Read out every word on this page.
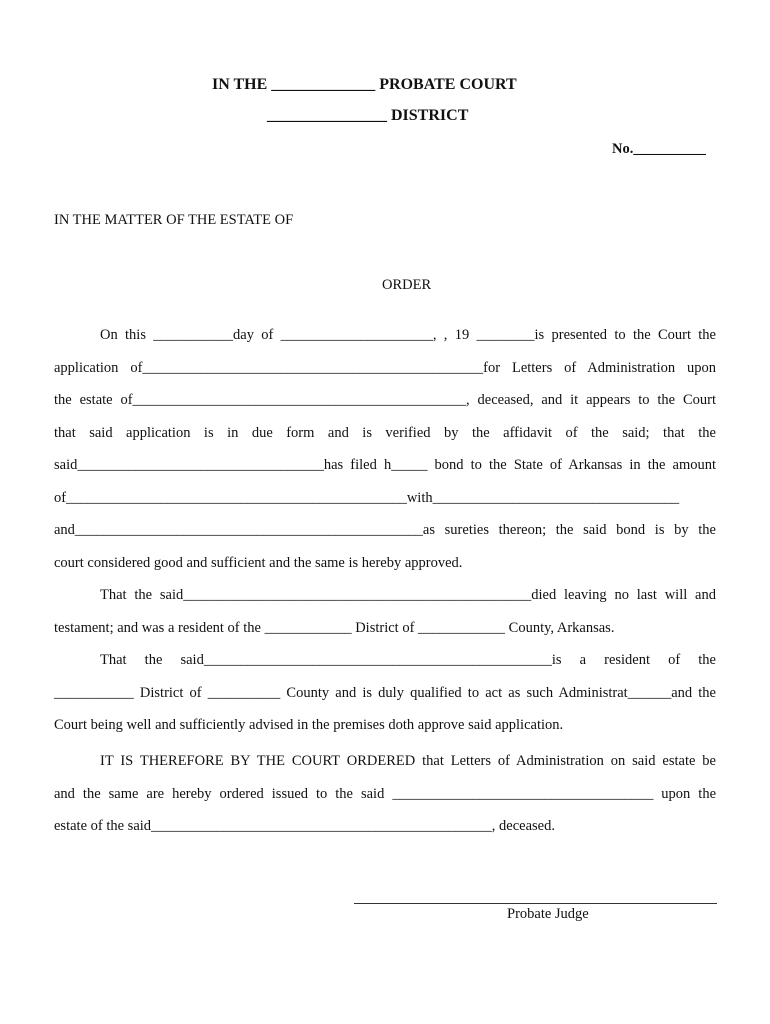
IN THE _____________ PROBATE COURT
_______________ DISTRICT
No.__________
IN THE MATTER OF THE ESTATE OF
ORDER
On this ___________day of _____________________, , 19 ________is presented to the Court the
application of_______________________________________________for Letters of Administration upon
the estate of______________________________________________, deceased, and it appears to the Court
that said application is in due form and is verified by the affidavit of the said; that the
said__________________________________has filed h_____ bond to the State of Arkansas in the amount
of_______________________________________________with__________________________________
and________________________________________________as sureties thereon; the said bond is by the
court considered good and sufficient and the same is hereby approved.
That the said________________________________________________died leaving no last will and
testament; and was a resident of the ____________ District of ____________ County, Arkansas.
That the said________________________________________________is a resident of the
___________ District of __________ County and is duly qualified to act as such Administrat______and the
Court being well and sufficiently advised in the premises doth approve said application.
IT IS THEREFORE BY THE COURT ORDERED that Letters of Administration on said estate be
and the same are hereby ordered issued to the said ____________________________________ upon the
estate of the said_______________________________________________, deceased.
Probate Judge
